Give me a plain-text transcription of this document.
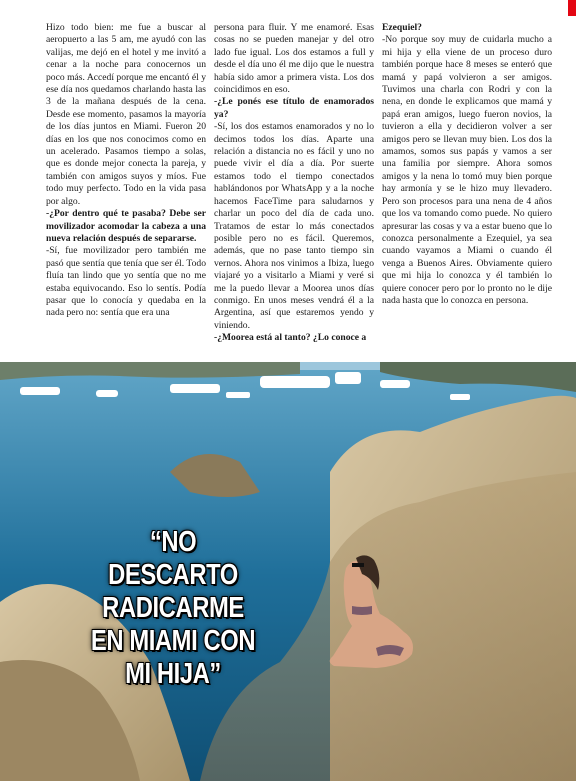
Hizo todo bien: me fue a buscar al aeropuerto a las 5 am, me ayudó con las valijas, me dejó en el hotel y me invitó a cenar a la noche para conocernos un poco más. Accedí porque me encantó él y ese día nos quedamos charlando hasta las 3 de la mañana después de la cena. Desde ese momento, pasamos la mayoría de los días juntos en Miami. Fueron 20 días en los que nos conocimos como en un acelerado. Pasamos tiempo a solas, que es donde mejor conecta la pareja, y también con amigos suyos y míos. Fue todo muy perfecto. Todo en la vida pasa por algo.

-¿Por dentro qué te pasaba? Debe ser movilizador acomodar la cabeza a una nueva relación después de separarse.

-Sí, fue movilizador pero también me pasó que sentía que tenía que ser él. Todo fluía tan lindo que yo sentía que no me estaba equivocando. Eso lo sentís. Podía pasar que lo conocía y quedaba en la nada pero no: sentía que era una

persona para fluir. Y me enamoré. Esas cosas no se pueden manejar y del otro lado fue igual. Los dos estamos a full y desde el día uno él me dijo que le nuestra había sido amor a primera vista. Los dos coincidimos en eso.

-¿Le ponés ese título de enamorados ya?

-Sí, los dos estamos enamorados y no lo decimos todos los días. Aparte una relación a distancia no es fácil y uno no puede vivir el día a día. Por suerte estamos todo el tiempo conectados hablándonos por WhatsApp y a la noche hacemos FaceTime para saludarnos y charlar un poco del día de cada uno. Tratamos de estar lo más conectados posible pero no es fácil. Queremos, además, que no pase tanto tiempo sin vernos. Ahora nos vinimos a Ibiza, luego viajaré yo a visitarlo a Miami y veré si me la puedo llevar a Moorea unos días conmigo. En unos meses vendrá él a la Argentina, así que estaremos yendo y viniendo.

-¿Moorea está al tanto? ¿Lo conoce a

Ezequiel?

-No porque soy muy de cuidarla mucho a mi hija y ella viene de un proceso duro también porque hace 8 meses se enteró que mamá y papá volvieron a ser amigos. Tuvimos una charla con Rodri y con la nena, en donde le explicamos que mamá y papá eran amigos, luego fueron novios, la tuvieron a ella y decidieron volver a ser amigos pero se llevan muy bien. Los dos la amamos, somos sus papás y vamos a ser una familia por siempre. Ahora somos amigos y la nena lo tomó muy bien porque hay armonía y se le hizo muy llevadero. Pero son procesos para una nena de 4 años que los va tomando como puede. No quiero apresurar las cosas y va a estar bueno que lo conozca personalmente a Ezequiel, ya sea cuando vayamos a Miami o cuando él venga a Buenos Aires. Obviamente quiero que mi hija lo conozca y él también lo quiere conocer pero por lo pronto no le dije nada hasta que lo conozca en persona.

“NO DESCARTO RADICARME EN MIAMI CON MI HIJA”
